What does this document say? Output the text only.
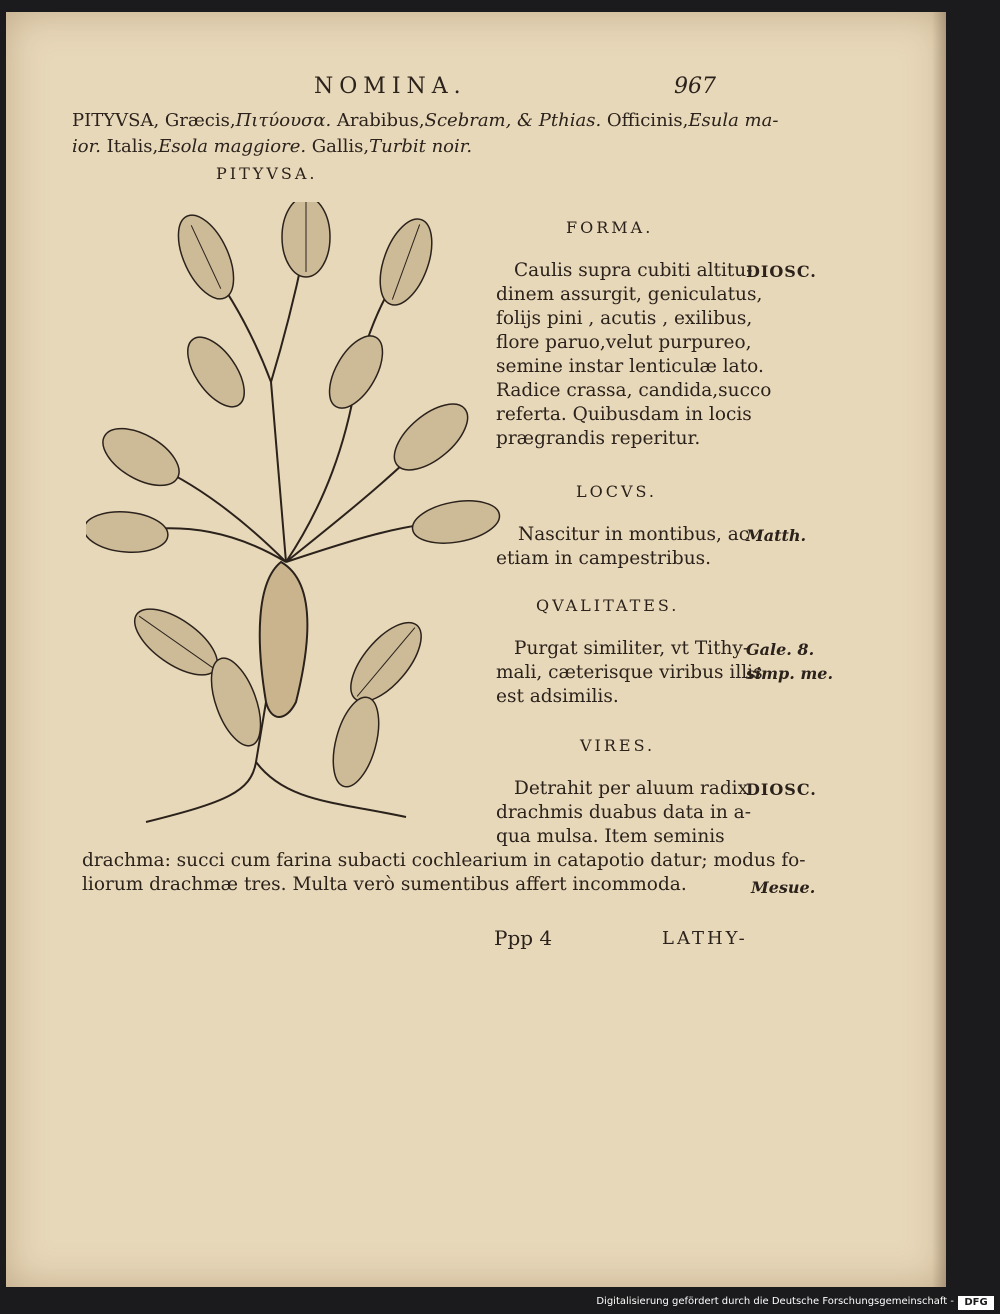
NOMINA.	967
PITYVSA, Græcis,Πιτύουσα. Arabibus,Scebram, & Pthias. Officinis,Esula ma-
ior. Italis,Esola maggiore. Gallis,Turbit noir.
PITYVSA.
FORMA.
Caulis supra cubiti altitu-
dinem assurgit, geniculatus,
folijs pini , acutis , exilibus,
flore paruo,velut purpureo,
semine instar lenticulæ lato.
Radice crassa, candida,succo
referta. Quibusdam in locis
prægrandis reperitur.
DIOSC.
LOCVS.
Nascitur in montibus, ac
etiam in campestribus.
Matth.
QVALITATES.
Purgat similiter, vt Tithy-
mali, cæterisque viribus illis
est adsimilis.
Gale. 8.
simp. me.
VIRES.
Detrahit per aluum radix
drachmis duabus data in a-
qua mulsa. Item seminis
drachma: succi cum farina subacti cochlearium in catapotio datur; modus fo-
liorum drachmæ tres. Multa verò sumentibus affert incommoda.
DIOSC.
Mesue.
Ppp 4	LATHY-
Digitalisierung gefördert durch die Deutsche Forschungsgemeinschaft -	DFG
